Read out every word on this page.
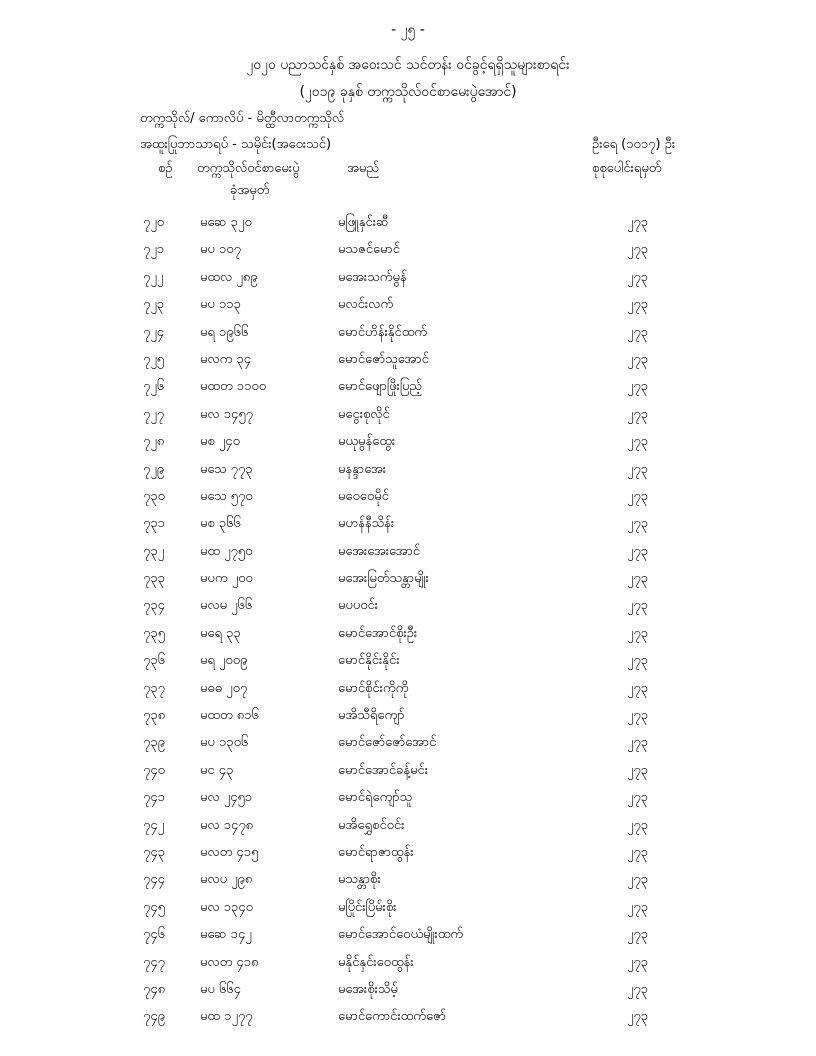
- ၂၅ -
၂၀၂၀ ပညာသင်နှစ် အဝေးသင် သင်တန်း ဝင်ခွင့်ရရှိသူများစာရင်း
(၂၀၁၉ ခုနှစ် တက္ကသိုလ်ဝင်စာမေးပွဲအောင်)
တက္ကသိုလ်/ ကောလိပ် - မိတ္ထီလာတက္ကသိုလ်
အထူးပြုဘာသာရပ် - သမိုင်း(အဝေးသင်)	ဦးရေ (၁၀၁၇) ဦး
စဉ် တက္ကသိုလ်ဝင်စာမေးပွဲ
ခုံအမှတ်
အမည်	စုစုပေါင်းရမှတ်
၇၂၀	မဆေ ၃၂၀	မဖြူနှင်းဆီ	၂၇၃
၇၂၁	မပ ၁၀၇	မသဇင်မောင်	၂၇၃
၇၂၂	မထလ ၂၈၉	မအေးသက်မွန်	၂၇၃
၇၂၃	မပ ၁၁၃	မလင်းလက်	၂၇၃
၇၂၄	မရ ၁၉၆၆	မောင်ဟိန်းနိုင်ထက်	၂၇၃
၇၂၅	မလက ၃၄	မောင်ဇော်သူအောင်	၂၇၃
၇၂၆	မထတ ၁၁၀၀	မောင်ဖျောဖြိုးပြည့်	၂၇၃
၇၂၇	မလ ၁၄၅၇	မငွေးစုလိုင်	၂၇၃
၇၂၈	မစ ၂၄၀	မယုမွန်ထွေး	၂၇၃
၇၂၉	မသေ ၇၇၃	မနန္ဒာအေး	၂၇၃
၇၃၀	မသေ ၅၇၀	မဝေဝေမိုင်	၂၇၃
၇၃၁	မစ ၃၆၆	မဟန်နီသိန်း	၂၇၃
၇၃၂	မထ ၂၇၅၀	မအေးအေးအောင်	၂၇၃
၇၃၃	မပက ၂၀၀	မအေးမြတ်သန္တာမျိုး	၂၇၃
၇၃၄	မလမ ၂၆၆	မပပဝင်း	၂၇၃
၇၃၅	မရေ ၃၃	မောင်အောင်စိုးဦး	၂၇၃
၇၃၆	မရ ၂၀၀၉	မောင်နိုင်းနိုင်း	၂၇၃
၇၃၇	မဓဓ ၂၀၇	မောင်စိုင်းကိုကို	၂၇၃
၇၃၈	မထတ ၈၁၆	မအိသီရိကျော်	၂၇၃
၇၃၉	မပ ၁၃၀၆	မောင်ဇော်ဇော်အောင်	၂၇၃
၇၄၀	မင ၄၃	မောင်အောင်ခန့်မင်း	၂၇၃
၇၄၁	မလ ၂၄၅၁	မောင်ရဲကျော်သူ	၂၇၃
၇၄၂	မလ ၁၄၇၈	မအိရွှေစင်ဝင်း	၂၇၃
၇၄၃	မလတ ၄၁၅	မောင်ရာဇာထွန်း	၂၇၃
၇၄၄	မလပ ၂၉၈	မသန္တာစိုး	၂၇၃
၇၄၅	မလ ၁၃၄၀	မပြိုင်းပြိမ်းစိုး	၂၇၃
၇၄၆	မဆေ ၁၄၂	မောင်အောင်ဝေယံမျိုးထက်	၂၇၃
၇၄၇	မလတ ၄၁၈	မနိုင်နှင်းဝေထွန်း	၂၇၃
၇၄၈	မပ ၆၆၄	မအေးစိုးသိမ့်	၂၇၃
၇၄၉	မထ ၁၂၇၇	မောင်ကောင်းထက်ဇော်	၂၇၃
